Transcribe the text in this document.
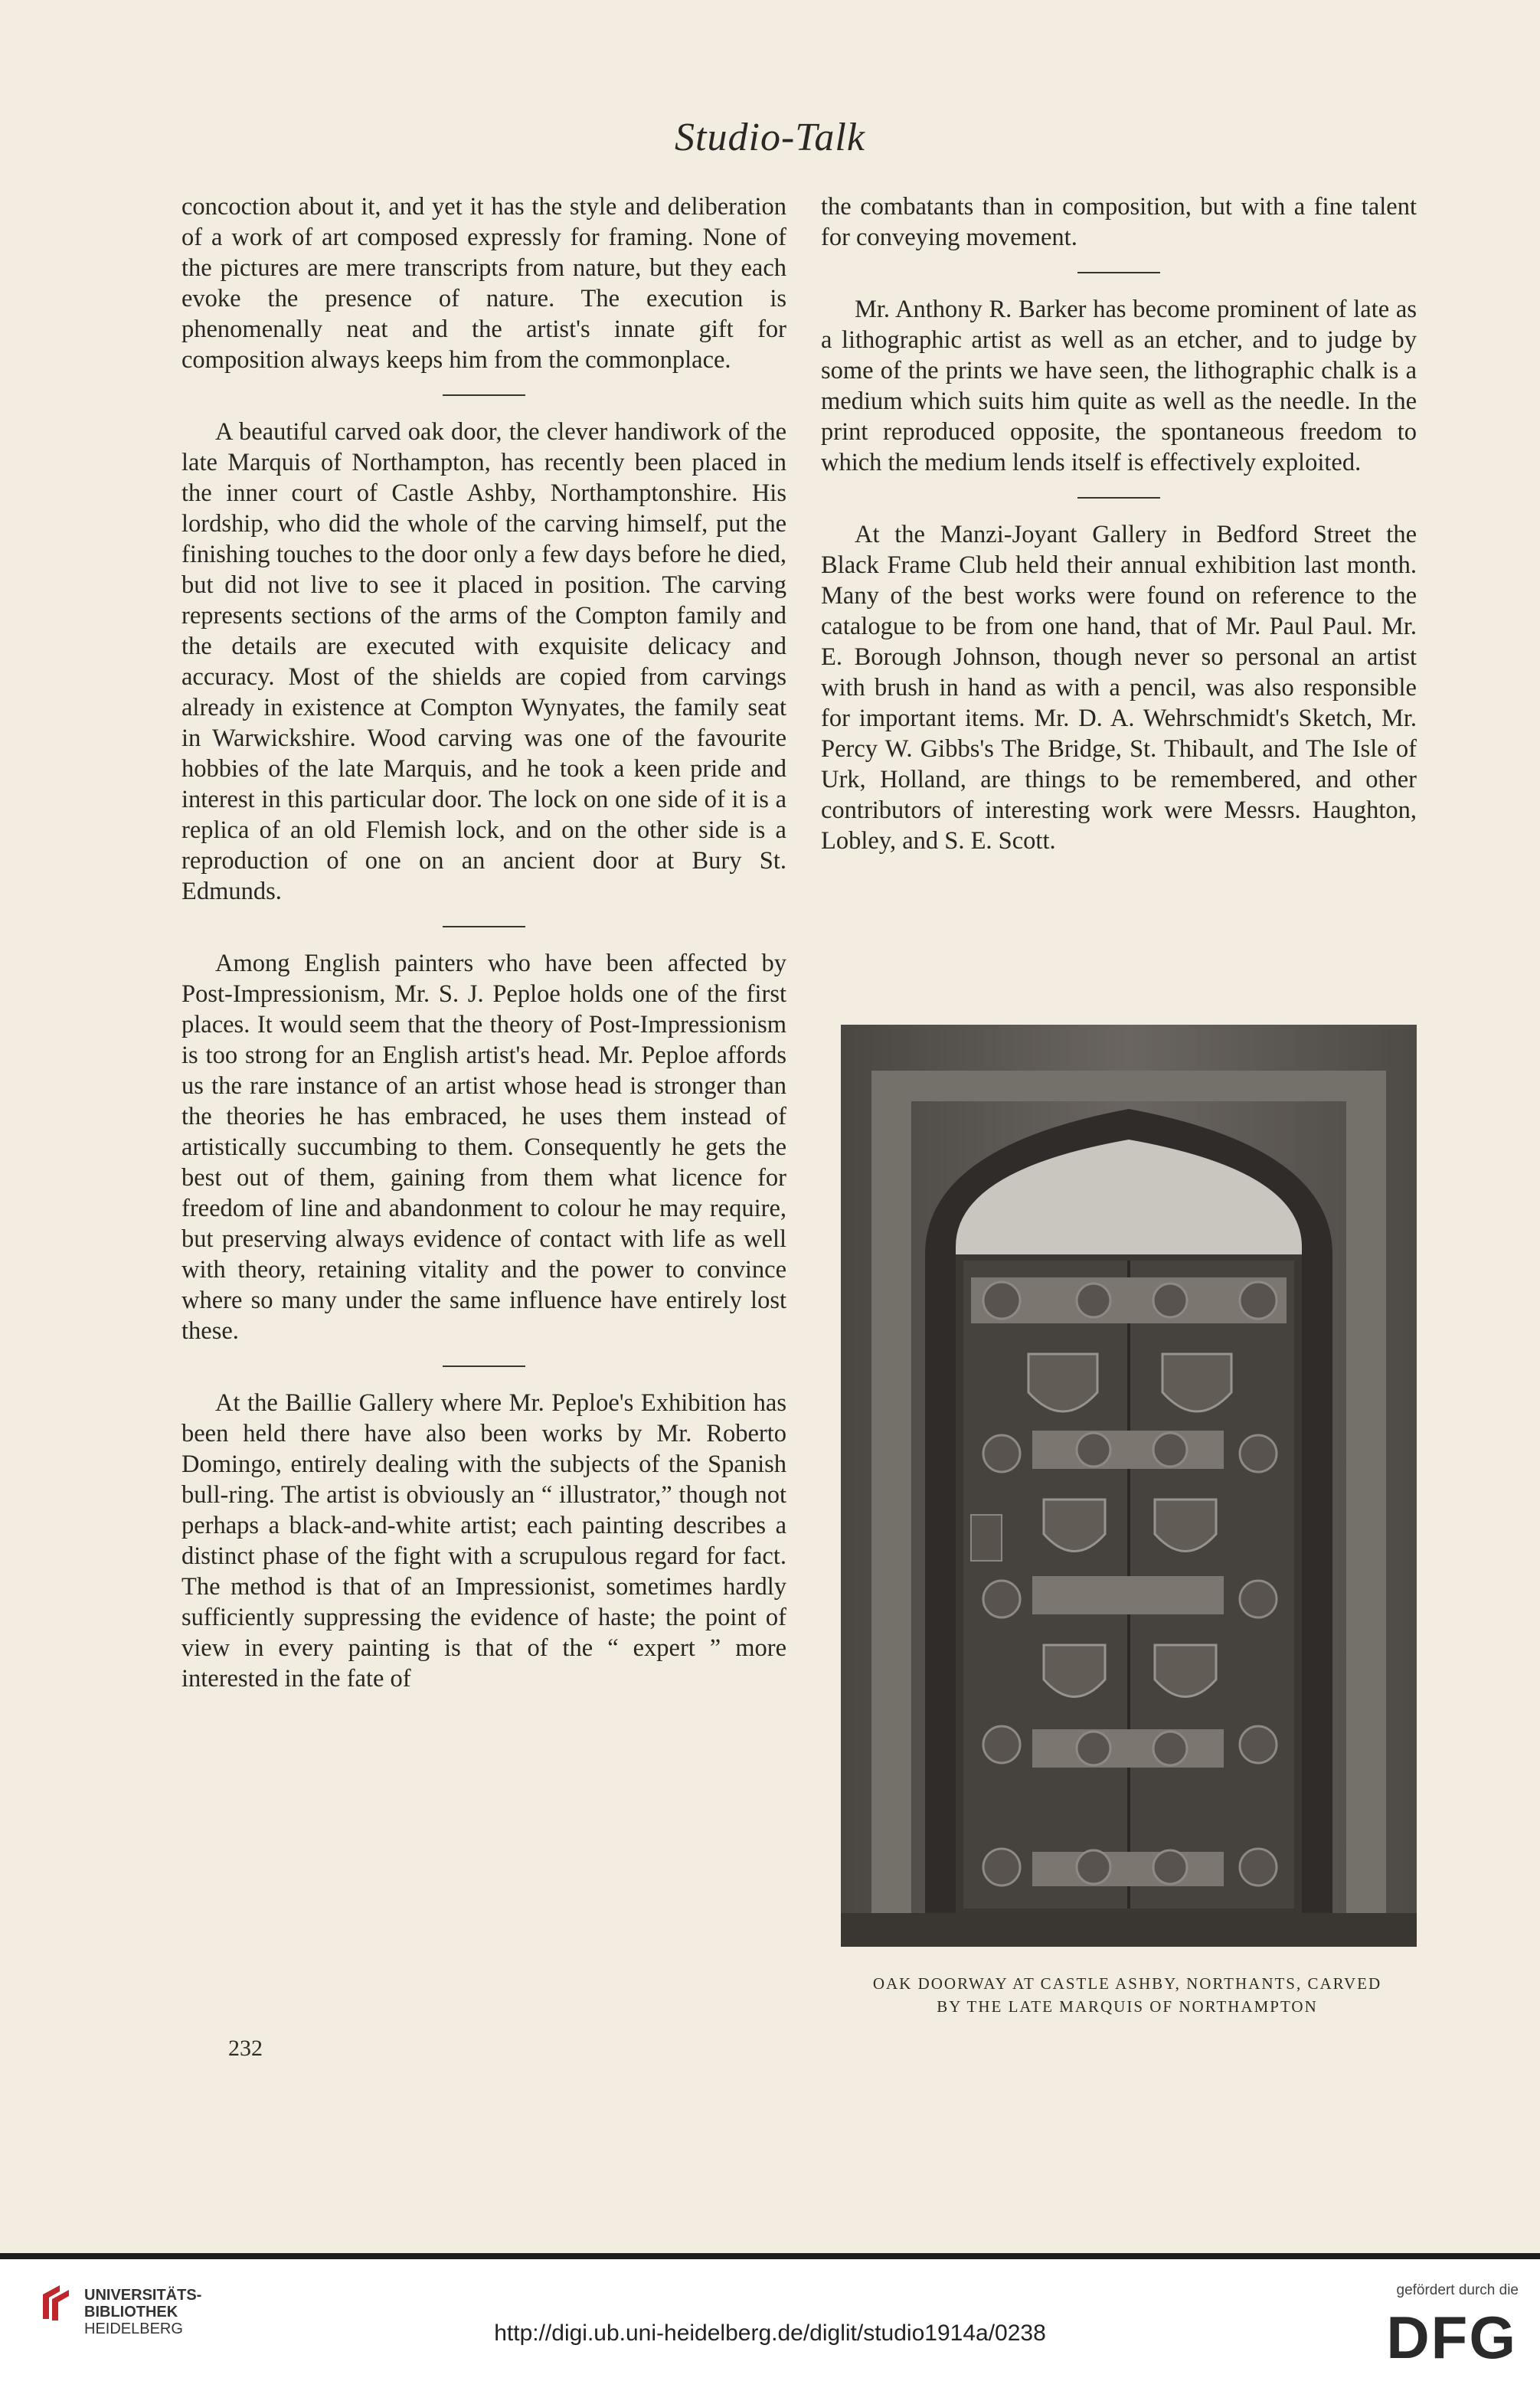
Studio-Talk

concoction about it, and yet it has the style and deliberation of a work of art composed expressly for framing. None of the pictures are mere transcripts from nature, but they each evoke the presence of nature. The execution is phenomenally neat and the artist's innate gift for composition always keeps him from the commonplace.

A beautiful carved oak door, the clever handiwork of the late Marquis of Northampton, has recently been placed in the inner court of Castle Ashby, Northamptonshire. His lordship, who did the whole of the carving himself, put the finishing touches to the door only a few days before he died, but did not live to see it placed in position. The carving represents sections of the arms of the Compton family and the details are executed with exquisite delicacy and accuracy. Most of the shields are copied from carvings already in existence at Compton Wynyates, the family seat in Warwickshire. Wood carving was one of the favourite hobbies of the late Marquis, and he took a keen pride and interest in this particular door. The lock on one side of it is a replica of an old Flemish lock, and on the other side is a reproduction of one on an ancient door at Bury St. Edmunds.

Among English painters who have been affected by Post-Impressionism, Mr. S. J. Peploe holds one of the first places. It would seem that the theory of Post-Impressionism is too strong for an English artist's head. Mr. Peploe affords us the rare instance of an artist whose head is stronger than the theories he has embraced, he uses them instead of artistically succumbing to them. Consequently he gets the best out of them, gaining from them what licence for freedom of line and abandonment to colour he may require, but preserving always evidence of contact with life as well with theory, retaining vitality and the power to convince where so many under the same influence have entirely lost these.

At the Baillie Gallery where Mr. Peploe's Exhibition has been held there have also been works by Mr. Roberto Domingo, entirely dealing with the subjects of the Spanish bull-ring. The artist is obviously an “ illustrator,” though not perhaps a black-and-white artist; each painting describes a distinct phase of the fight with a scrupulous regard for fact. The method is that of an Impressionist, sometimes hardly sufficiently suppressing the evidence of haste; the point of view in every painting is that of the “ expert ” more interested in the fate of

the combatants than in composition, but with a fine talent for conveying movement.

Mr. Anthony R. Barker has become prominent of late as a lithographic artist as well as an etcher, and to judge by some of the prints we have seen, the lithographic chalk is a medium which suits him quite as well as the needle. In the print reproduced opposite, the spontaneous freedom to which the medium lends itself is effectively exploited.

At the Manzi-Joyant Gallery in Bedford Street the Black Frame Club held their annual exhibition last month. Many of the best works were found on reference to the catalogue to be from one hand, that of Mr. Paul Paul. Mr. E. Borough Johnson, though never so personal an artist with brush in hand as with a pencil, was also responsible for important items. Mr. D. A. Wehrschmidt's Sketch, Mr. Percy W. Gibbs's The Bridge, St. Thibault, and The Isle of Urk, Holland, are things to be remembered, and other contributors of interesting work were Messrs. Haughton, Lobley, and S. E. Scott.

OAK DOORWAY AT CASTLE ASHBY, NORTHANTS, CARVED
BY THE LATE MARQUIS OF NORTHAMPTON
232
UNIVERSITÄTS-
BIBLIOTHEK
HEIDELBERG	http://digi.ub.uni-heidelberg.de/diglit/studio1914a/0238
gefördert durch die
DFG
